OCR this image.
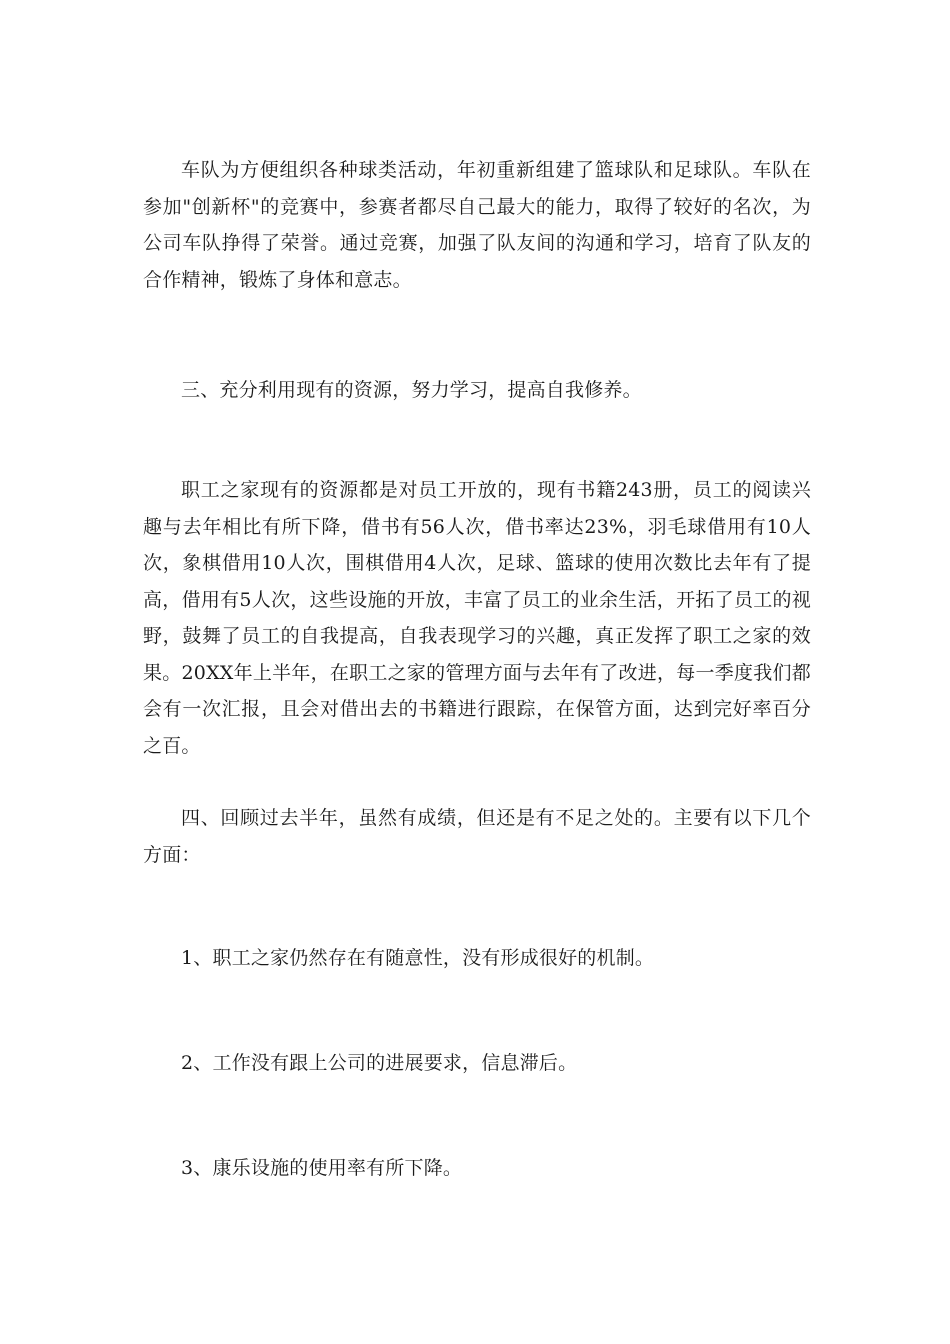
车队为方便组织各种球类活动，年初重新组建了篮球队和足球队。车队在参加"创新杯"的竞赛中，参赛者都尽自己最大的能力，取得了较好的名次，为公司车队挣得了荣誉。通过竞赛，加强了队友间的沟通和学习，培育了队友的合作精神，锻炼了身体和意志。

三、充分利用现有的资源，努力学习，提高自我修养。

职工之家现有的资源都是对员工开放的，现有书籍243册，员工的阅读兴趣与去年相比有所下降，借书有56人次，借书率达23%，羽毛球借用有10人次，象棋借用10人次，围棋借用4人次，足球、篮球的使用次数比去年有了提高，借用有5人次，这些设施的开放，丰富了员工的业余生活，开拓了员工的视野，鼓舞了员工的自我提高，自我表现学习的兴趣，真正发挥了职工之家的效果。20XX年上半年，在职工之家的管理方面与去年有了改进，每一季度我们都会有一次汇报，且会对借出去的书籍进行跟踪，在保管方面，达到完好率百分之百。

四、回顾过去半年，虽然有成绩，但还是有不足之处的。主要有以下几个方面：

1、职工之家仍然存在有随意性，没有形成很好的机制。

2、工作没有跟上公司的进展要求，信息滞后。

3、康乐设施的使用率有所下降。
